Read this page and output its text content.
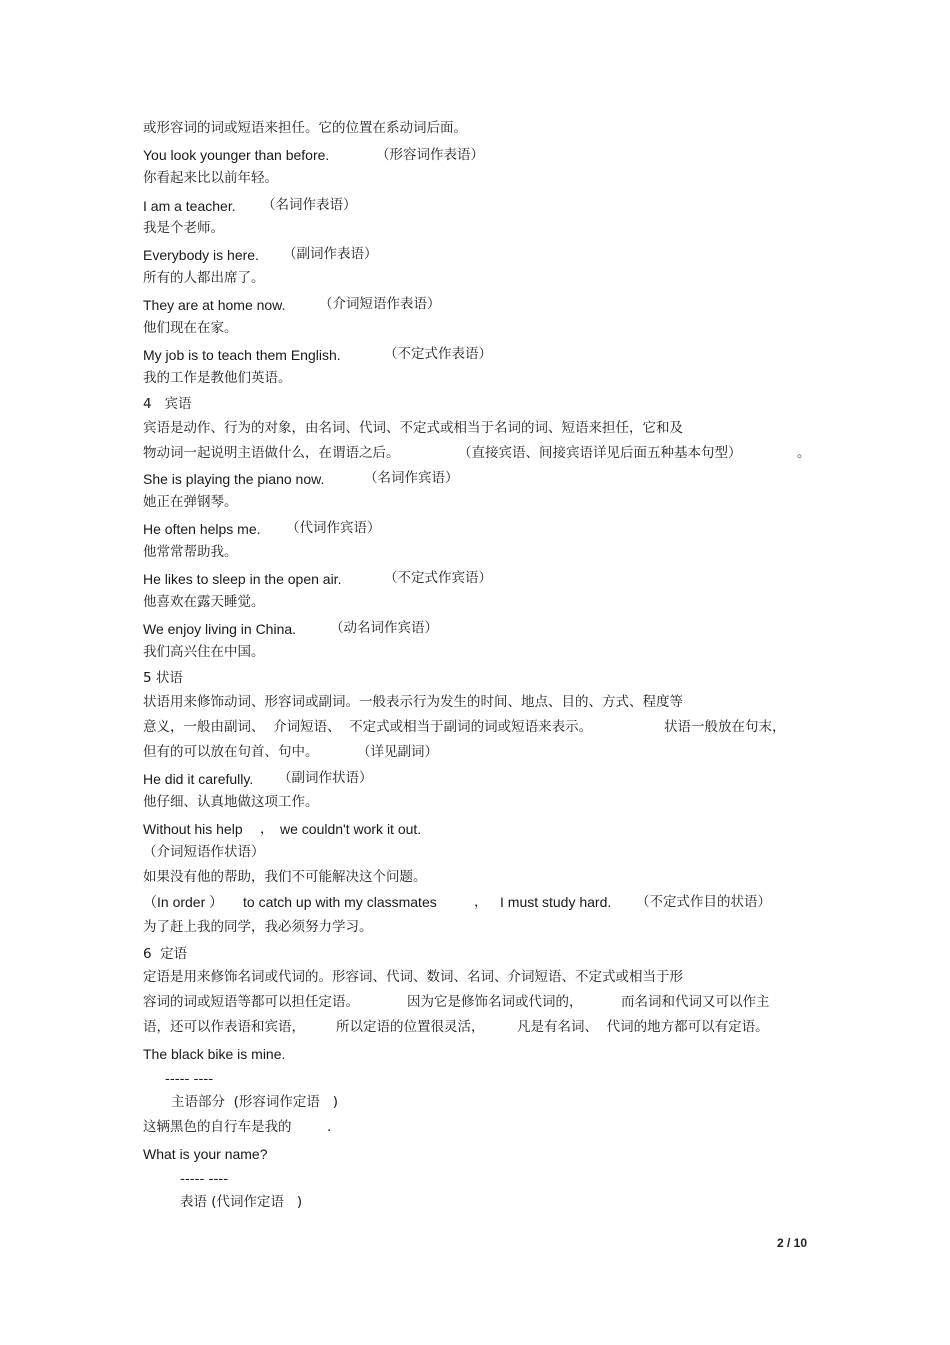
或形容词的词或短语来担任。它的位置在系动词后面。
You look younger than before.	（形容词作表语）
你看起来比以前年轻。
I am a teacher. （名词作表语）
我是个老师。
Everybody is here. （副词作表语）
所有的人都出席了。
They are at home now. （介词短语作表语）
他们现在在家。
My job is to teach them English.	（不定式作表语）
我的工作是教他们英语。
4   宾语
宾语是动作、行为的对象，由名词、代词、不定式或相当于名词的词、短语来担任，它和及
物动词一起说明主语做什么，在谓语之后。	（直接宾语、间接宾语详见后面五种基本句型）	。
She is playing the piano now.	（名词作宾语）
她正在弹钢琴。
He often helps me. （代词作宾语）
他常常帮助我。
He likes to sleep in the open air.	（不定式作宾语）
他喜欢在露天睡觉。
We enjoy living in China.	（动名词作宾语）
我们高兴住在中国。
5 状语
状语用来修饰动词、形容词或副词。一般表示行为发生的时间、地点、目的、方式、程度等
意义，一般由副词、  介词短语、  不定式或相当于副词的词或短语来表示。	状语一般放在句末，
但有的可以放在句首、句中。	（详见副词）
He did it carefully. （副词作状语）
他仔细、认真地做这项工作。
Without his help ， we couldn't work it out.
（介词短语作状语）
如果没有他的帮助，我们不可能解决这个问题。
（In order ） to catch up with my classmates	， I must study hard. （不定式作目的状语）
为了赶上我的同学，我必须努力学习。
6  定语
定语是用来修饰名词或代词的。形容词、代词、数词、名词、介词短语、不定式或相当于形
容词的词或短语等都可以担任定语。	因为它是修饰名词或代词的，	而名词和代词又可以作主
语，还可以作表语和宾语， 所以定语的位置很灵活， 凡是有名词、  代词的地方都可以有定语。
The black bike is mine.
----- ----
主语部分  (形容词作定语   )
这辆黑色的自行车是我的	.
What is your name?
----- ----
表语 (代词作定语   )
2 / 10
